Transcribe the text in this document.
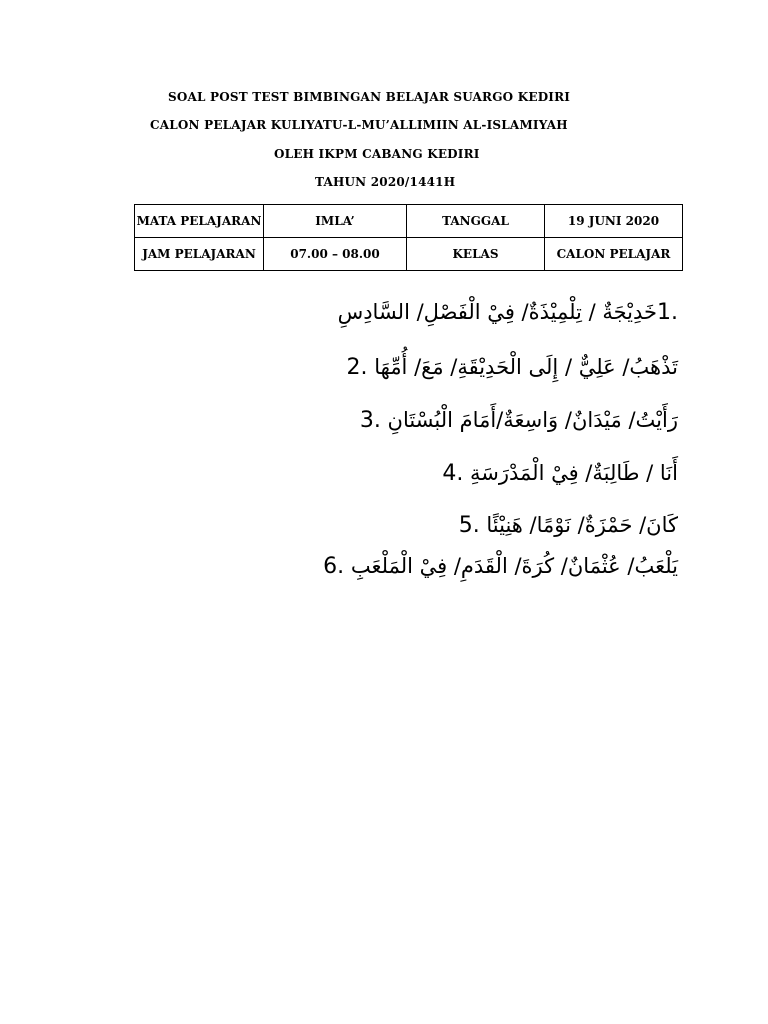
SOAL POST TEST BIMBINGAN BELAJAR SUARGO KEDIRI
CALON PELAJAR KULIYATU-L-MU’ALLIMIIN AL-ISLAMIYAH
OLEH IKPM CABANG KEDIRI
TAHUN 2020/1441H
MATA PELAJARAN	IMLA’	TANGGAL	19 JUNI 2020
JAM PELAJARAN	07.00 – 08.00	KELAS	CALON PELAJAR
خَدِيْجَةٌ / تِلْمِيْذَةٌ/ فِيْ الْفَصْلِ/ السَّادِسِ1.
2. تَذْهَبُ/ عَلِيٌّ / إِلَى الْحَدِيْقَةِ/ مَعَ/ أُمِّهَا
3. رَأَيْتُ/ مَيْدَانٌ/ وَاسِعَةٌ/أَمَامَ الْبُسْتَانِ
4. أَنَا / طَالِبَةٌ/ فِيْ الْمَدْرَسَةِ
5. كَانَ/ حَمْزَةٌ/ نَوْمًا/ هَنِيْئًا
6. يَلْعَبُ/ عُثْمَانٌ/ كُرَةَ/ الْقَدَمِ/ فِيْ الْمَلْعَبِ
